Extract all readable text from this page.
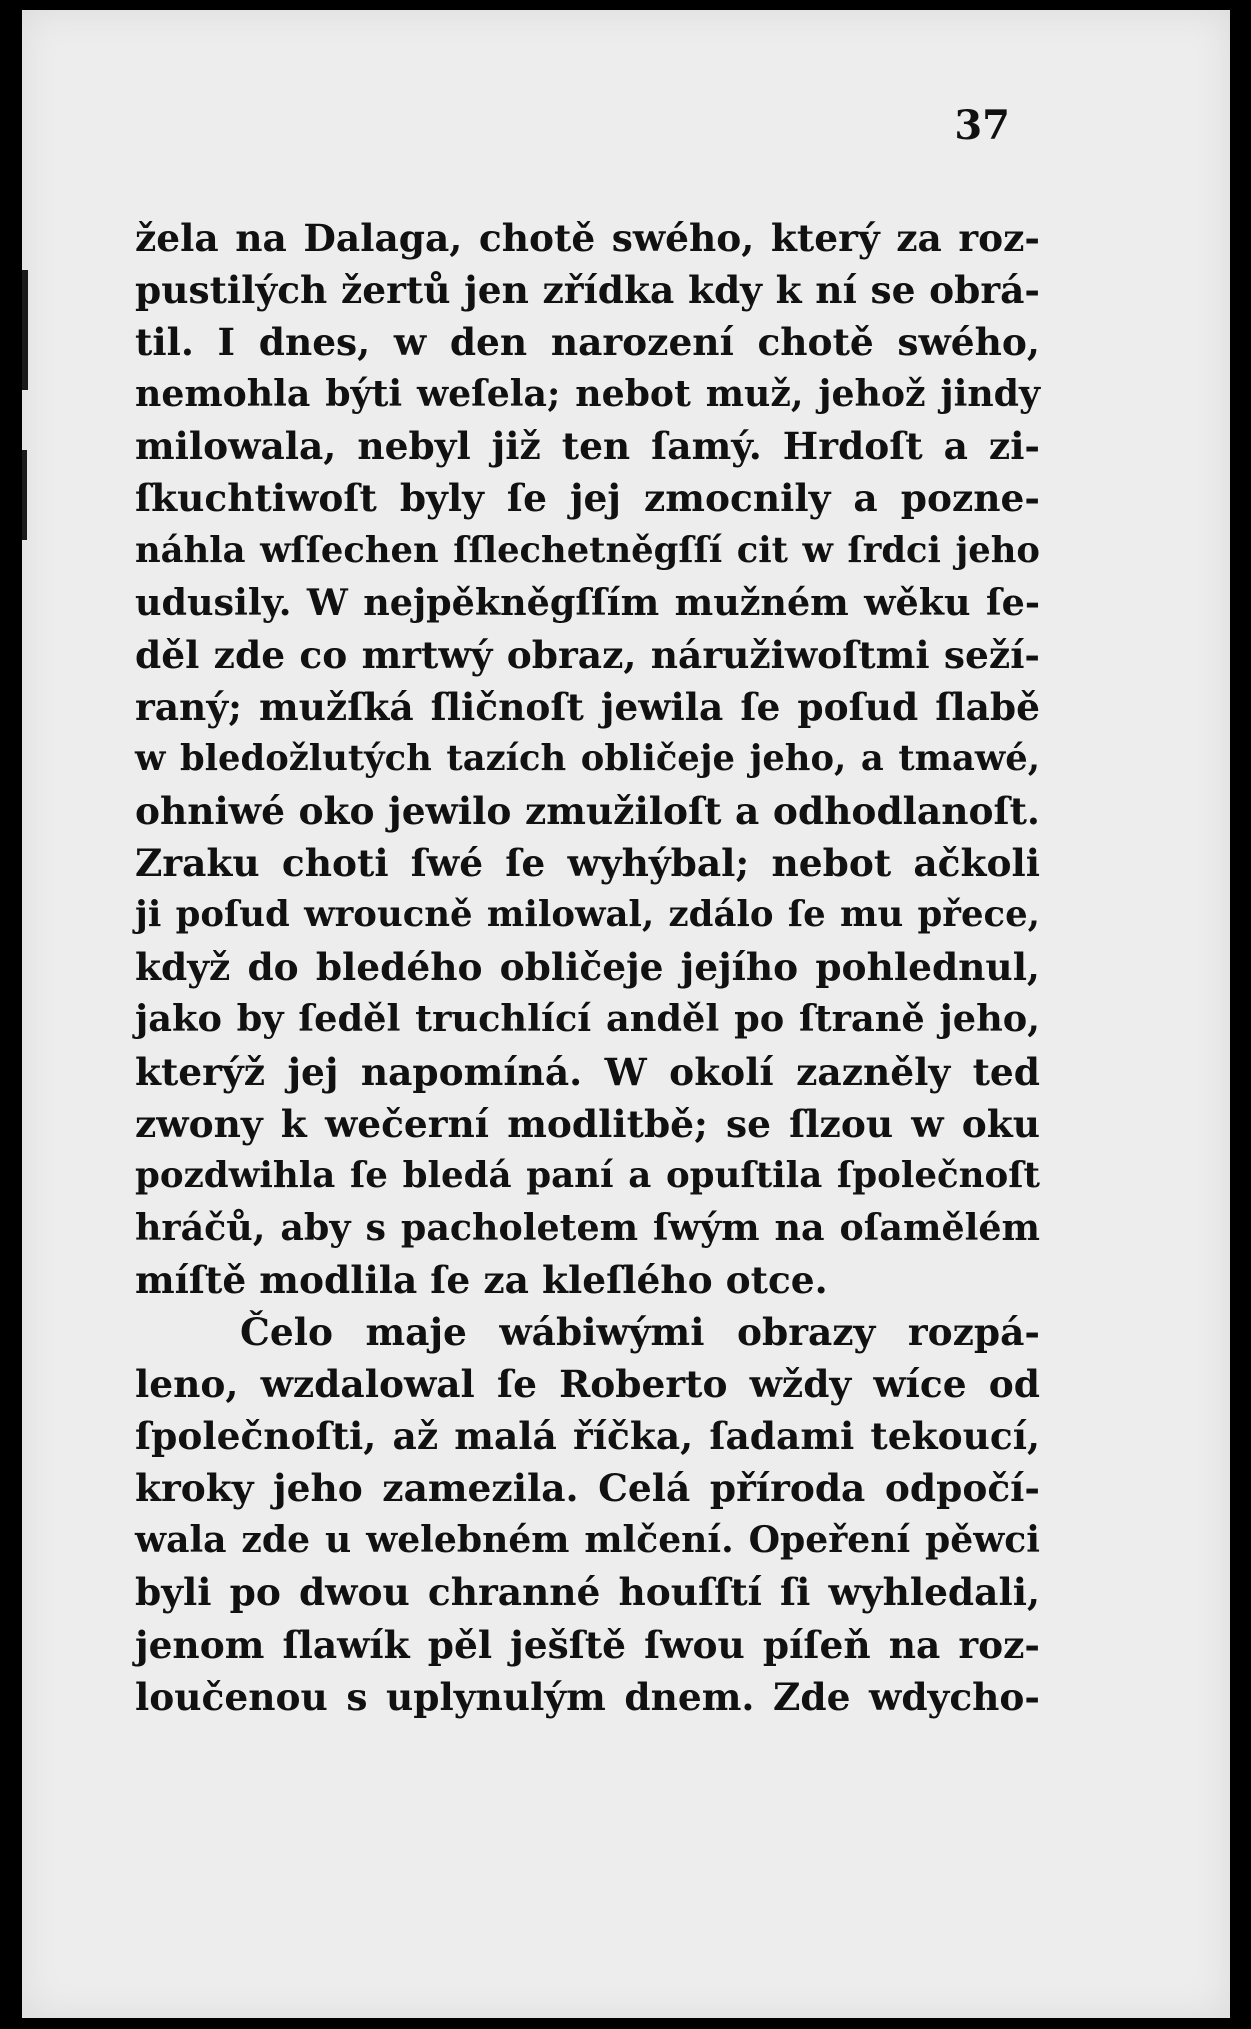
37
žela na Dalaga, chotě swého, který za roz-
pustilých žertů jen zřídka kdy k ní se obrá-
til. I dnes, w den narození chotě swého,
nemohla býti weſela; nebot muž, jehož jindy
milowala, nebyl již ten ſamý. Hrdoſt a zi-
ſkuchtiwoſt byly ſe jej zmocnily a pozne-
náhla wſſechen ſſlechetněgſſí cit w ſrdci jeho
udusily. W nejpěkněgſſím mužném wěku ſe-
děl zde co mrtwý obraz, náružiwoſtmi seží-
raný; mužſká ſličnoſt jewila ſe poſud ſlabě
w bledožlutých tazích obličeje jeho, a tmawé,
ohniwé oko jewilo zmužiloſt a odhodlanoſt.
Zraku choti ſwé ſe wyhýbal; nebot ačkoli
ji poſud wroucně milowal, zdálo ſe mu přece,
když do bledého obličeje jejího pohlednul,
jako by ſeděl truchlící anděl po ſtraně jeho,
kterýž jej napomíná. W okolí zazněly ted
zwony k wečerní modlitbě; se ſlzou w oku
pozdwihla ſe bledá paní a opuſtila ſpolečnoſt
hráčů, aby s pacholetem ſwým na oſamělém
míſtě modlila ſe za kleſlého otce.
Čelo maje wábiwými obrazy rozpá-
leno, wzdalowal ſe Roberto wždy wíce od
ſpolečnoſti, až malá říčka, ſadami tekoucí,
kroky jeho zamezila. Celá příroda odpočí-
wala zde u welebném mlčení. Opeření pěwci
byli po dwou chranné houſſtí ſi wyhledali,
jenom ſlawík pěl ješſtě ſwou píſeň na roz-
loučenou s uplynulým dnem. Zde wdycho-
